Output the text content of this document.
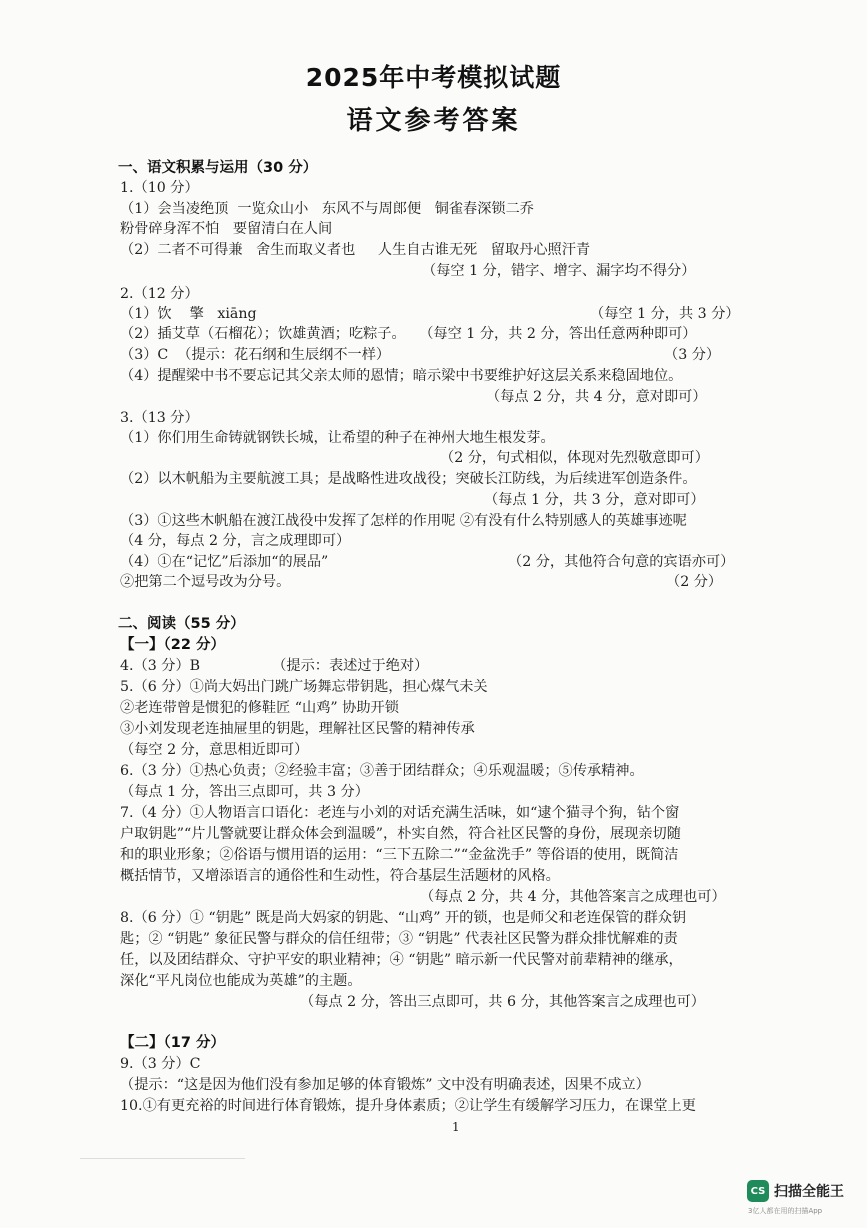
2025年中考模拟试题
语文参考答案
一、语文积累与运用（30 分）
1.（10 分）
（1）会当凌绝顶  一览众山小   东风不与周郎便   铜雀春深锁二乔
粉骨碎身浑不怕   要留清白在人间
（2）二者不可得兼   舍生而取义者也     人生自古谁无死   留取丹心照汗青
（每空 1 分，错字、增字、漏字均不得分）
2.（12 分）
（1）饮    擎   xiāng	（每空 1 分，共 3 分）
（2）插艾草（石榴花）；饮雄黄酒；吃粽子。   （每空 1 分，共 2 分，答出任意两种即可）
（3）C  （提示：花石纲和生辰纲不一样）	（3 分）
（4）提醒梁中书不要忘记其父亲太师的恩情；暗示梁中书要维护好这层关系来稳固地位。
（每点 2 分，共 4 分，意对即可）
3.（13 分）
（1）你们用生命铸就钢铁长城，让希望的种子在神州大地生根发芽。
（2 分，句式相似，体现对先烈敬意即可）
（2）以木帆船为主要航渡工具；是战略性进攻战役；突破长江防线，为后续进军创造条件。
（每点 1 分，共 3 分，意对即可）
（3）①这些木帆船在渡江战役中发挥了怎样的作用呢 ②有没有什么特别感人的英雄事迹呢
（4 分，每点 2 分，言之成理即可）
（4）①在“记忆”后添加“的展品”	（2 分，其他符合句意的宾语亦可）
②把第二个逗号改为分号。	（2 分）
二、阅读（55 分）
【一】（22 分）
4.（3 分）B                （提示：表述过于绝对）
5.（6 分）①尚大妈出门跳广场舞忘带钥匙，担心煤气未关
②老连带曾是惯犯的修鞋匠 “山鸡” 协助开锁
③小刘发现老连抽屉里的钥匙，理解社区民警的精神传承
（每空 2 分，意思相近即可）
6.（3 分）①热心负责；②经验丰富；③善于团结群众；④乐观温暖；⑤传承精神。
（每点 1 分，答出三点即可，共 3 分）
7.（4 分）①人物语言口语化：老连与小刘的对话充满生活味，如“逮个猫寻个狗，钻个窗
户取钥匙”“片儿警就要让群众体会到温暖”，朴实自然，符合社区民警的身份，展现亲切随
和的职业形象；②俗语与惯用语的运用：“三下五除二”“金盆洗手” 等俗语的使用，既简洁
概括情节，又增添语言的通俗性和生动性，符合基层生活题材的风格。
（每点 2 分，共 4 分，其他答案言之成理也可）
8.（6 分）① “钥匙” 既是尚大妈家的钥匙、“山鸡” 开的锁，也是师父和老连保管的群众钥
匙；② “钥匙” 象征民警与群众的信任纽带；③ “钥匙” 代表社区民警为群众排忧解难的责
任，以及团结群众、守护平安的职业精神；④ “钥匙” 暗示新一代民警对前辈精神的继承，
深化“平凡岗位也能成为英雄”的主题。
（每点 2 分，答出三点即可，共 6 分，其他答案言之成理也可）
【二】（17 分）
9.（3 分）C
（提示：“这是因为他们没有参加足够的体育锻炼” 文中没有明确表述，因果不成立）
10.①有更充裕的时间进行体育锻炼，提升身体素质；②让学生有缓解学习压力，在课堂上更
1
CS 扫描全能王
3亿人都在用的扫描App
